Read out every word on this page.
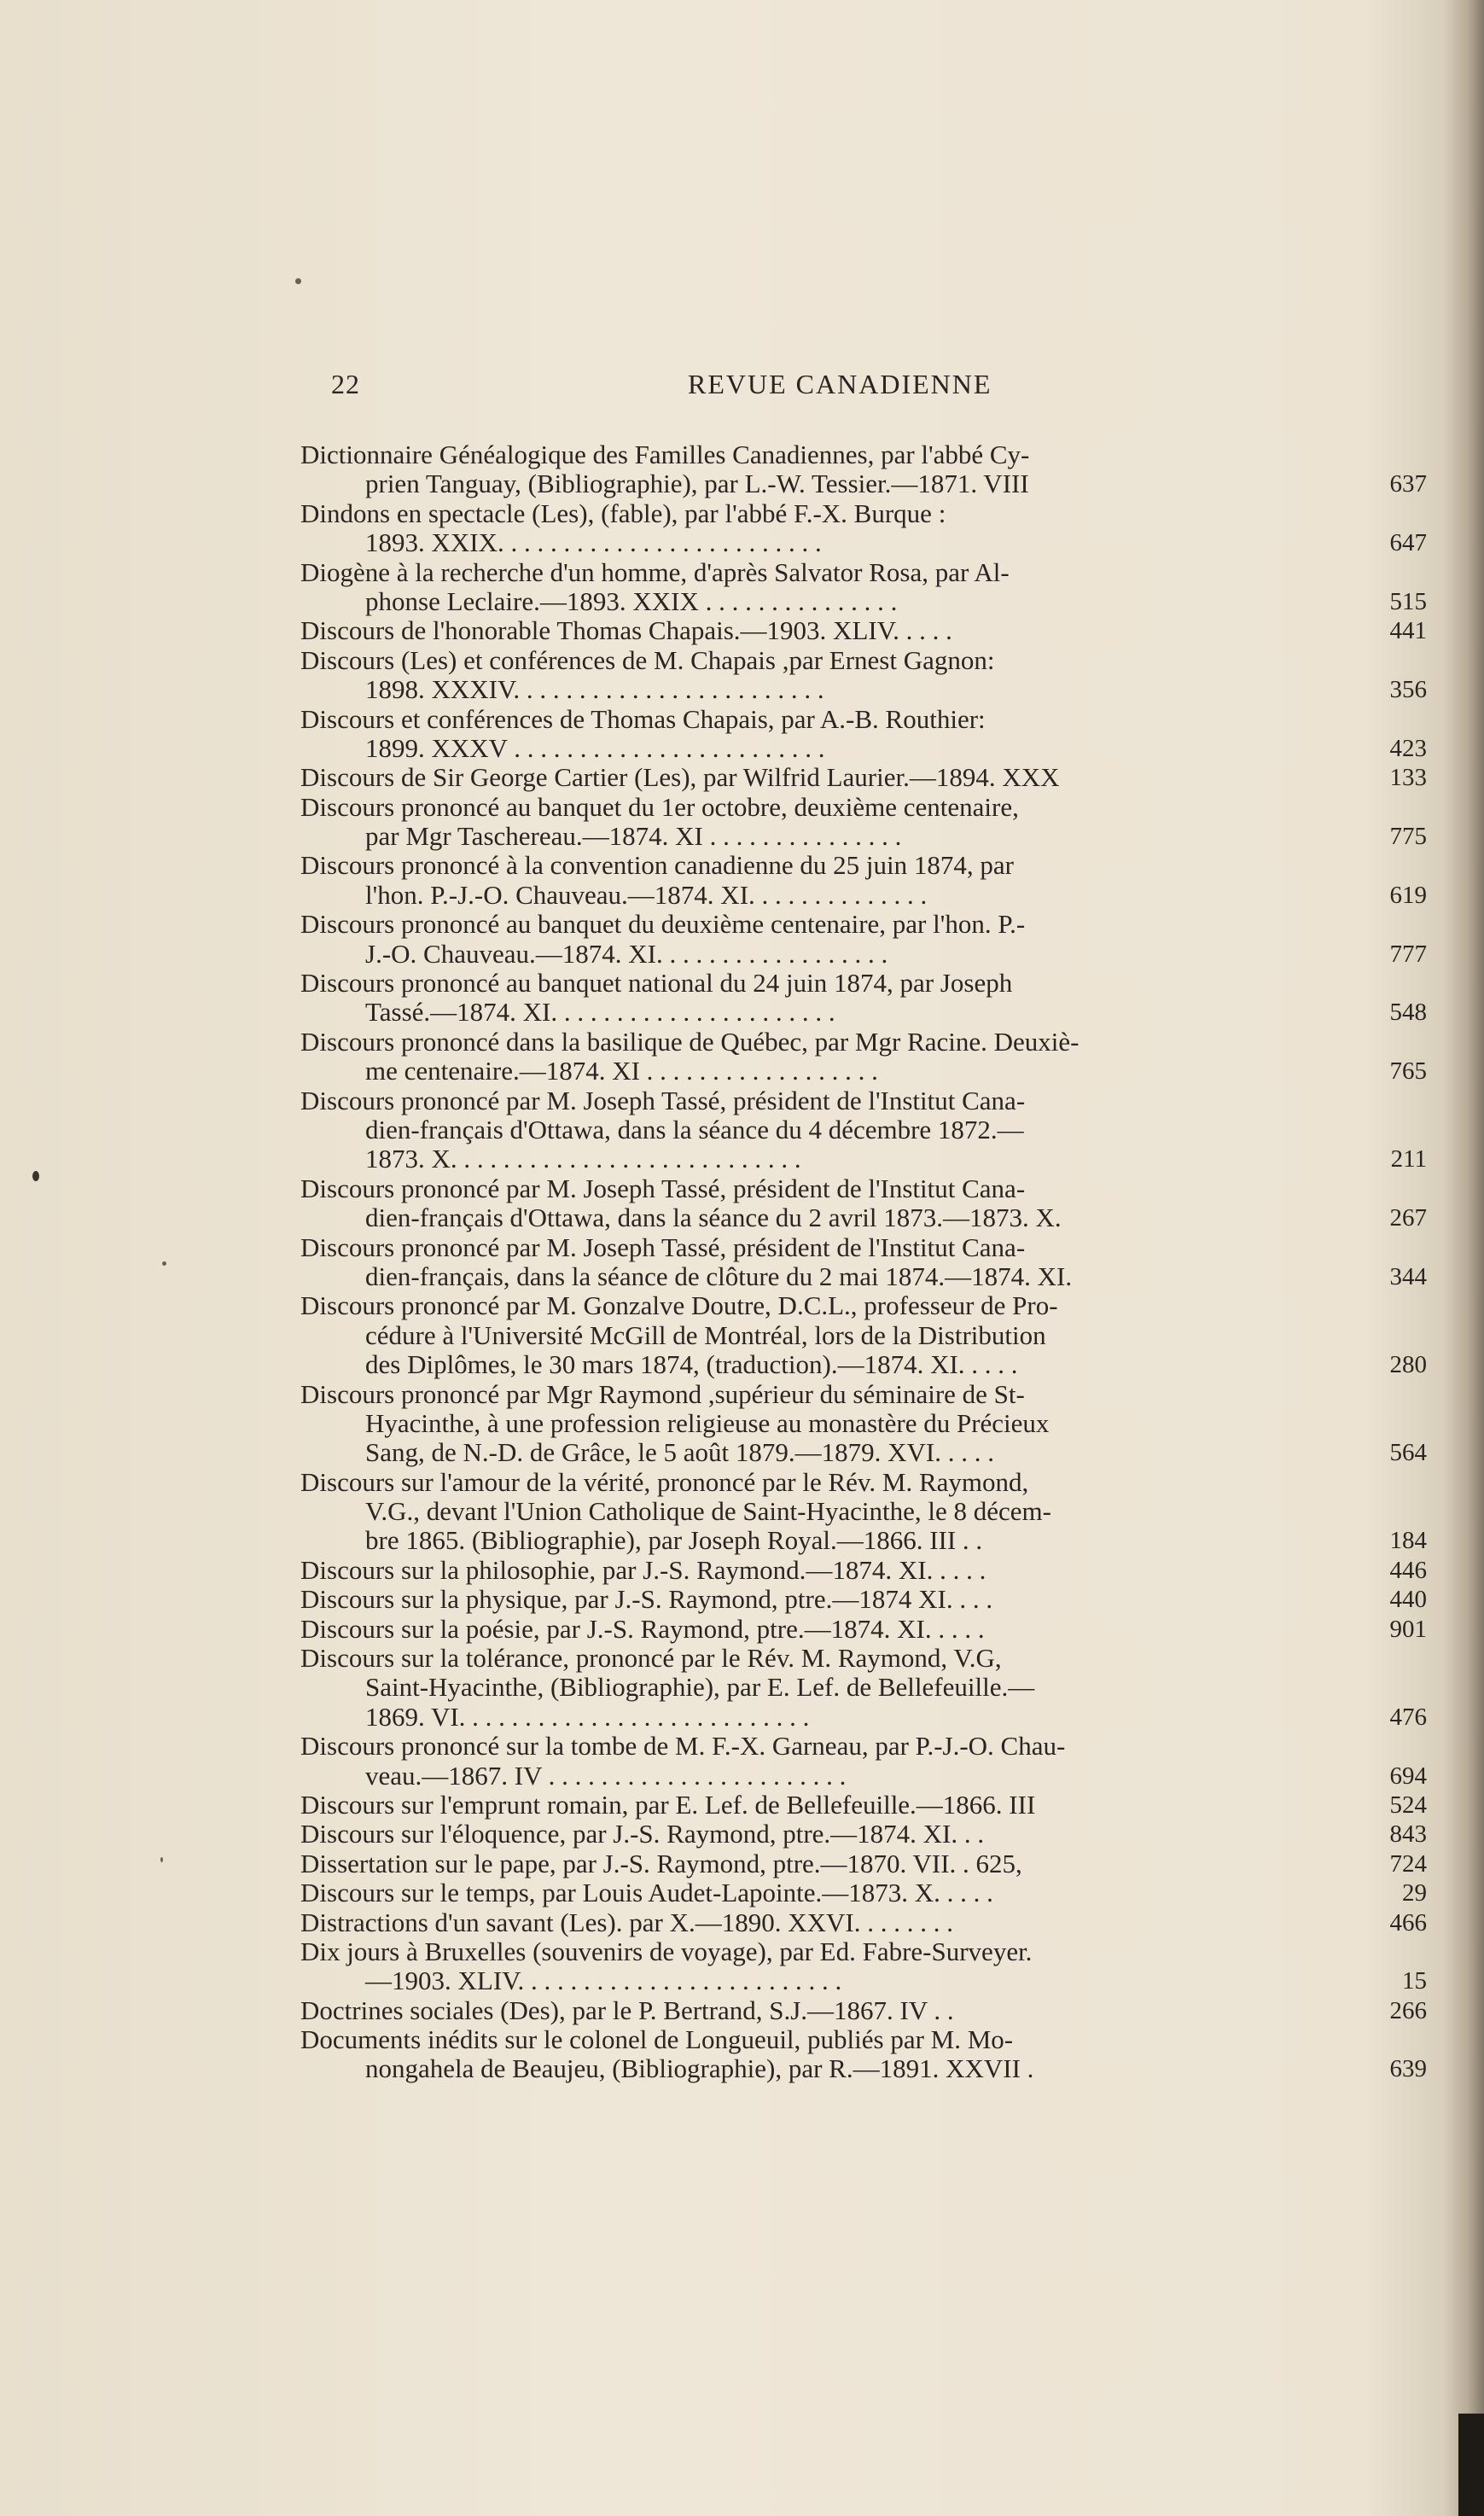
22	REVUE CANADIENNE
Dictionnaire Généalogique des Familles Canadiennes, par l'abbé Cy-
prien Tanguay, (Bibliographie), par L.-W. Tessier.—1871. VIII	637
Dindons en spectacle (Les), (fable), par l'abbé F.-X. Burque :
1893. XXIX. . . . . . . . . . . . . . . . . . . . . . . . .	647
Diogène à la recherche d'un homme, d'après Salvator Rosa, par Al-
phonse Leclaire.—1893. XXIX . . . . . . . . . . . . . . .	515
Discours de l'honorable Thomas Chapais.—1903. XLIV. . . . .	441
Discours (Les) et conférences de M. Chapais ,par Ernest Gagnon:
1898. XXXIV. . . . . . . . . . . . . . . . . . . . . . . .	356
Discours et conférences de Thomas Chapais, par A.-B. Routhier:
1899. XXXV . . . . . . . . . . . . . . . . . . . . . . . .	423
Discours de Sir George Cartier (Les), par Wilfrid Laurier.—1894. XXX	133
Discours prononcé au banquet du 1er octobre, deuxième centenaire,
par Mgr Taschereau.—1874. XI . . . . . . . . . . . . . . .	775
Discours prononcé à la convention canadienne du 25 juin 1874, par
l'hon. P.-J.-O. Chauveau.—1874. XI. . . . . . . . . . . . . .	619
Discours prononcé au banquet du deuxième centenaire, par l'hon. P.-
J.-O. Chauveau.—1874. XI. . . . . . . . . . . . . . . . . .	777
Discours prononcé au banquet national du 24 juin 1874, par Joseph
Tassé.—1874. XI. . . . . . . . . . . . . . . . . . . . . .	548
Discours prononcé dans la basilique de Québec, par Mgr Racine. Deuxiè-
me centenaire.—1874. XI . . . . . . . . . . . . . . . . . .	765
Discours prononcé par M. Joseph Tassé, président de l'Institut Cana-
dien-français d'Ottawa, dans la séance du 4 décembre 1872.—
1873. X. . . . . . . . . . . . . . . . . . . . . . . . . . .	211
Discours prononcé par M. Joseph Tassé, président de l'Institut Cana-
dien-français d'Ottawa, dans la séance du 2 avril 1873.—1873. X.	267
Discours prononcé par M. Joseph Tassé, président de l'Institut Cana-
dien-français, dans la séance de clôture du 2 mai 1874.—1874. XI.	344
Discours prononcé par M. Gonzalve Doutre, D.C.L., professeur de Pro-
cédure à l'Université McGill de Montréal, lors de la Distribution
des Diplômes, le 30 mars 1874, (traduction).—1874. XI. . . . .	280
Discours prononcé par Mgr Raymond ,supérieur du séminaire de St-
Hyacinthe, à une profession religieuse au monastère du Précieux
Sang, de N.-D. de Grâce, le 5 août 1879.—1879. XVI. . . . .	564
Discours sur l'amour de la vérité, prononcé par le Rév. M. Raymond,
V.G., devant l'Union Catholique de Saint-Hyacinthe, le 8 décem-
bre 1865. (Bibliographie), par Joseph Royal.—1866. III . .	184
Discours sur la philosophie, par J.-S. Raymond.—1874. XI. . . . .	446
Discours sur la physique, par J.-S. Raymond, ptre.—1874 XI. . . .	440
Discours sur la poésie, par J.-S. Raymond, ptre.—1874. XI. . . . .	901
Discours sur la tolérance, prononcé par le Rév. M. Raymond, V.G,
Saint-Hyacinthe, (Bibliographie), par E. Lef. de Bellefeuille.—
1869. VI. . . . . . . . . . . . . . . . . . . . . . . . . . .	476
Discours prononcé sur la tombe de M. F.-X. Garneau, par P.-J.-O. Chau-
veau.—1867. IV . . . . . . . . . . . . . . . . . . . . . . .	694
Discours sur l'emprunt romain, par E. Lef. de Bellefeuille.—1866. III	524
Discours sur l'éloquence, par J.-S. Raymond, ptre.—1874. XI. . .	843
Dissertation sur le pape, par J.-S. Raymond, ptre.—1870. VII. . 625,	724
Discours sur le temps, par Louis Audet-Lapointe.—1873. X. . . . .	29
Distractions d'un savant (Les). par X.—1890. XXVI. . . . . . . .	466
Dix jours à Bruxelles (souvenirs de voyage), par Ed. Fabre-Surveyer.
—1903. XLIV. . . . . . . . . . . . . . . . . . . . . . . . .	15
Doctrines sociales (Des), par le P. Bertrand, S.J.—1867. IV . .	266
Documents inédits sur le colonel de Longueuil, publiés par M. Mo-
nongahela de Beaujeu, (Bibliographie), par R.—1891. XXVII .	639
